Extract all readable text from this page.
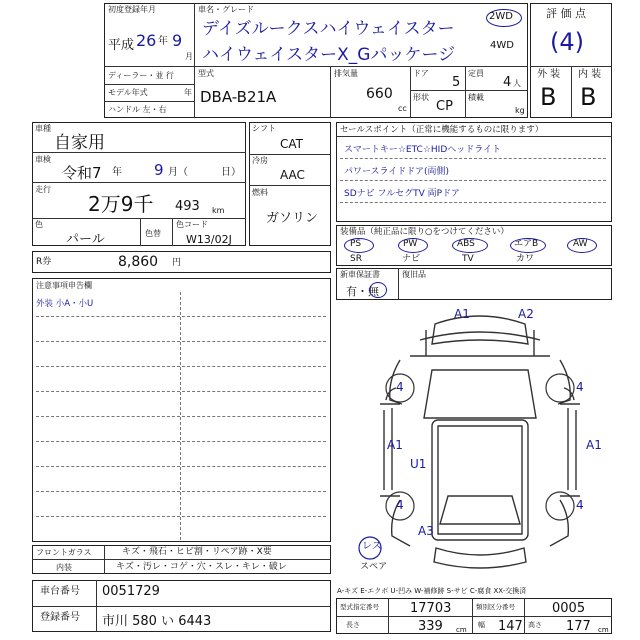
初度登録年月
平成 26 年 9
月
車名・グレード
デイズルークスハイウェイスター
ハイウェイスターX_Gパッケージ
2WD
4WD
評 価 点
(4)
ディーラー・並 行
モデル年式	年
ハンドル 左・右
型式
DBA-B21A
排気量
660
cc
ドア
5
定員
4 人
形状
CP
積載
kg
外 装
B
内 装
B
車種
自家用
車検
令和7 年 9 月（	日）
走行
2万9千 493 km
色
パール	色替
色コード
W13/02J
シフト
CAT
冷房
AAC
燃料
ガソリン
セールスポイント（正常に機能するものに限ります）
スマートキー☆ETC☆HIDヘッドライト
パワースライドドア(両側)
SDナビ フルセグTV 両Pドア
装備品（純正品に限り○をつけてください）
PS	PW	ABS	エアB	AW
SR	ナビ	TV	カワ
新車保証書
有・無
復旧品
R券	8,860 円
注意事項申告欄
外装 小A・小U
A1	A2
4	4
A1	A1
U1
4	4
A3
レス
スペア
フロントガラス	キズ・飛石・ヒビ割・リペア跡・X要
内装	キズ・汚レ・コゲ・穴・スレ・キレ・破レ
車台番号 0051729
登録番号 市川 580 い 6443
A-キズ E-エクボ U-凹み W-補修跡 S-サビ C-腐食 XX-交換済
型式指定番号 17703	類別区分番号	0005
長さ	339 cm
幅 147 高さ 177 cm
